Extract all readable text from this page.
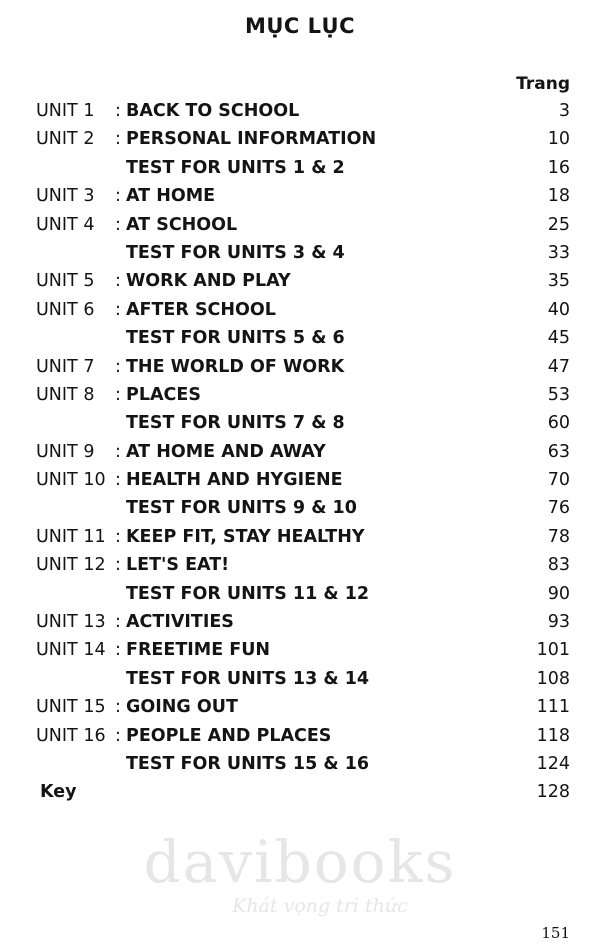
MỤC LỤC
Trang
UNIT 1 : BACK TO SCHOOL	3
UNIT 2 : PERSONAL INFORMATION	10
TEST FOR UNITS 1 & 2	16
UNIT 3 : AT HOME	18
UNIT 4 : AT SCHOOL	25
TEST FOR UNITS 3 & 4	33
UNIT 5 : WORK AND PLAY	35
UNIT 6 : AFTER SCHOOL	40
TEST FOR UNITS 5 & 6	45
UNIT 7 : THE WORLD OF WORK	47
UNIT 8 : PLACES	53
TEST FOR UNITS 7 & 8	60
UNIT 9 : AT HOME AND AWAY	63
UNIT 10 : HEALTH AND HYGIENE	70
TEST FOR UNITS 9 & 10	76
UNIT 11 : KEEP FIT, STAY HEALTHY	78
UNIT 12 : LET'S EAT!	83
TEST FOR UNITS 11 & 12	90
UNIT 13 : ACTIVITIES	93
UNIT 14 : FREETIME FUN	101
TEST FOR UNITS 13 & 14	108
UNIT 15 : GOING OUT	111
UNIT 16 : PEOPLE AND PLACES	118
TEST FOR UNITS 15 & 16	124
Key	128
davibooks
Khát vọng tri thức
151
